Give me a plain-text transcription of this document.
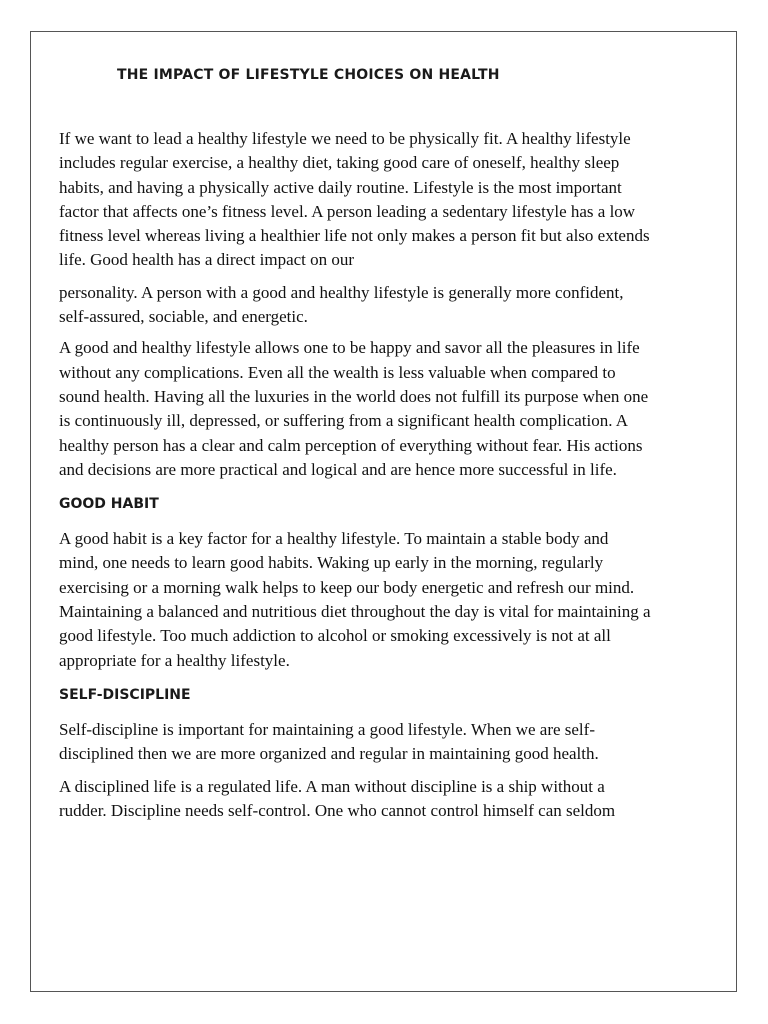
THE IMPACT OF LIFESTYLE CHOICES ON HEALTH

If we want to lead a healthy lifestyle we need to be physically fit. A healthy lifestyle includes regular exercise, a healthy diet, taking good care of oneself, healthy sleep habits, and having a physically active daily routine. Lifestyle is the most important factor that affects one’s fitness level. A person leading a sedentary lifestyle has a low fitness level whereas living a healthier life not only makes a person fit but also extends life. Good health has a direct impact on our

personality. A person with a good and healthy lifestyle is generally more confident, self-assured, sociable, and energetic.

A good and healthy lifestyle allows one to be happy and savor all the pleasures in life without any complications. Even all the wealth is less valuable when compared to sound health. Having all the luxuries in the world does not fulfill its purpose when one is continuously ill, depressed, or suffering from a significant health complication. A healthy person has a clear and calm perception of everything without fear. His actions and decisions are more practical and logical and are hence more successful in life.

GOOD HABIT

A good habit is a key factor for a healthy lifestyle. To maintain a stable body and mind, one needs to learn good habits. Waking up early in the morning, regularly exercising or a morning walk helps to keep our body energetic and refresh our mind. Maintaining a balanced and nutritious diet throughout the day is vital for maintaining a good lifestyle. Too much addiction to alcohol or smoking excessively is not at all appropriate for a healthy lifestyle.

SELF-DISCIPLINE

Self-discipline is important for maintaining a good lifestyle. When we are self-disciplined then we are more organized and regular in maintaining good health.

A disciplined life is a regulated life. A man without discipline is a ship without a rudder. Discipline needs self-control. One who cannot control himself can seldom
